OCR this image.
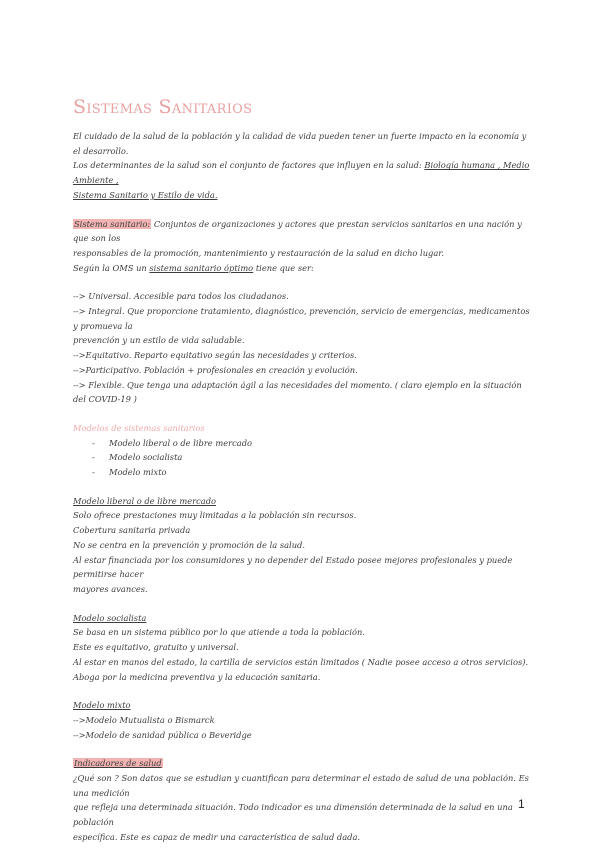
Sistemas Sanitarios

El cuidado de la salud de la población y la calidad de vida pueden tener un fuerte impacto en la economía y el desarrollo.

Los determinantes de la salud son el conjunto de factores que influyen en la salud: Biología humana , Medio Ambiente ,

Sistema Sanitario y Estilo de vida.

Sistema sanitario: Conjuntos de organizaciones y actores que prestan servicios sanitarios en una nación y que son los

responsables de la promoción, mantenimiento y restauración de la salud en dicho lugar.

Según la OMS un sistema sanitario óptimo tiene que ser:

--> Universal. Accesible para todos los ciudadanos.

--> Integral. Que proporcione tratamiento, diagnóstico, prevención, servicio de emergencias, medicamentos y promueva la

prevención y un estilo de vida saludable.

-->Equitativo. Reparto equitativo según las necesidades y criterios.

-->Participativo. Población + profesionales en creación y evolución.

--> Flexible. Que tenga una adaptación ágil a las necesidades del momento. ( claro ejemplo en la situación del COVID-19 )

Modelos de sistemas sanitarios

- Modelo liberal o de libre mercado
- Modelo socialista
- Modelo mixto

Modelo liberal o de libre mercado

Solo ofrece prestaciones muy limitadas a la población sin recursos.

Cobertura sanitaria privada

No se centra en la prevención y promoción de la salud.

Al estar financiada por los consumidores y no depender del Estado posee mejores profesionales y puede permitirse hacer

mayores avances.

Modelo socialista

Se basa en un sistema público por lo que atiende a toda la población.

Este es equitativo, gratuito y universal.

Al estar en manos del estado, la cartilla de servicios están limitados ( Nadie posee acceso a otros servicios).

Aboga por la medicina preventiva y la educación sanitaria.

Modelo mixto

-->Modelo Mutualista o Bismarck

-->Modelo de sanidad pública o Beveridge

Indicadores de salud

¿Qué son ? Son datos que se estudian y cuantifican para determinar el estado de salud de una población. Es una medición

que refleja una determinada situación. Todo indicador es una dimensión determinada de la salud en una población

específica. Este es capaz de medir una característica de salud dada.

1
